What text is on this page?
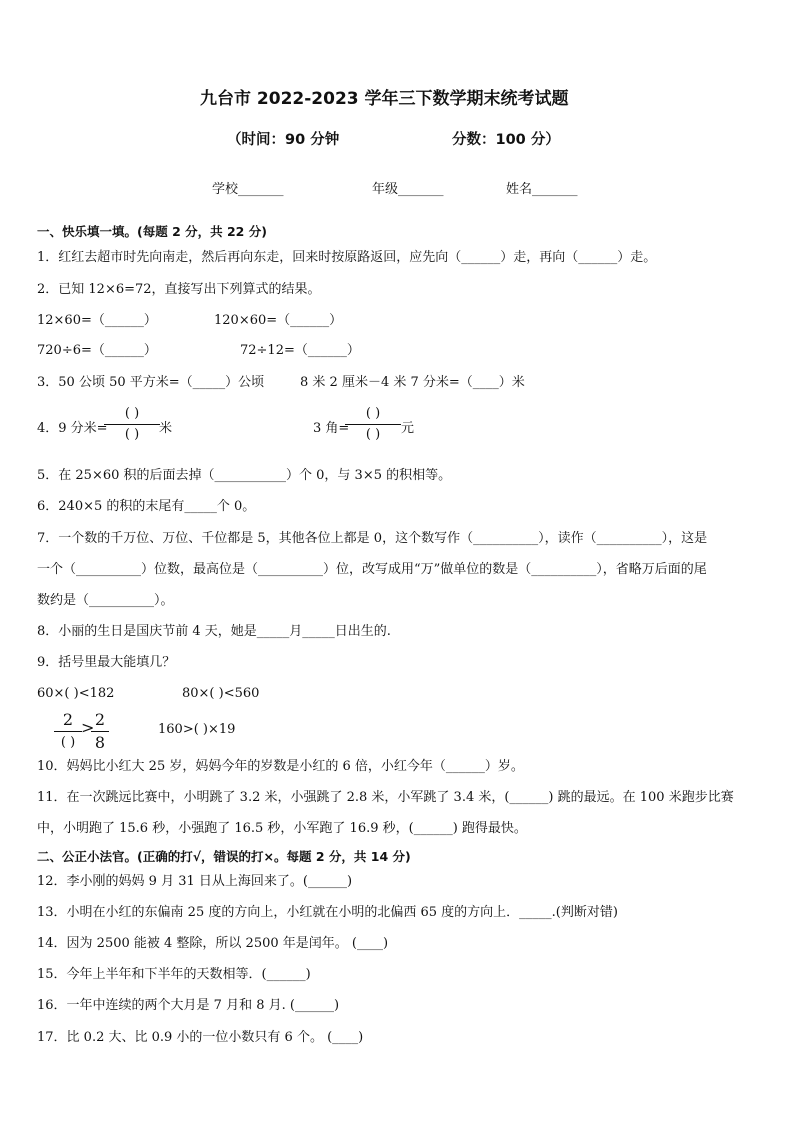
九台市 2022-2023 学年三下数学期末统考试题
（时间：90 分钟	分数：100 分）
学校_______	年级_______	姓名_______
一、快乐填一填。(每题 2 分，共 22 分)
1．红红去超市时先向南走，然后再向东走，回来时按原路返回，应先向（______）走，再向（______）走。
2．已知 12×6=72，直接写出下列算式的结果。
12×60=（______）	120×60=（______）
720÷6=（______）	72÷12=（______）
3．50 公顷 50 平方米=（_____）公顷	8 米 2 厘米－4 米 7 分米=（____）米
4．9 分米=
( )
( )	米	3 角=
( )
( )	元
5．在 25×60 积的后面去掉（___________）个 0，与 3×5 的积相等。
6．240×5 的积的末尾有_____个 0。
7．一个数的千万位、万位、千位都是 5，其他各位上都是 0，这个数写作（__________），读作（__________），这是
一个（__________）位数，最高位是（__________）位，改写成用“万”做单位的数是（__________），省略万后面的尾
数约是（__________）。
8．小丽的生日是国庆节前 4 天，她是_____月_____日出生的.
9．括号里最大能填几？
60×( )<182	80×( )<560
2
( )
> 2
8
160>( )×19
10．妈妈比小红大 25 岁，妈妈今年的岁数是小红的 6 倍，小红今年（______）岁。
11．在一次跳远比赛中，小明跳了 3.2 米，小强跳了 2.8 米，小军跳了 3.4 米，(______) 跳的最远。在 100 米跑步比赛
中，小明跑了 15.6 秒，小强跑了 16.5 秒，小军跑了 16.9 秒，(______) 跑得最快。
二、公正小法官。(正确的打√，错误的打×。每题 2 分，共 14 分)
12．李小刚的妈妈 9 月 31 日从上海回来了。(______)
13．小明在小红的东偏南 25 度的方向上，小红就在小明的北偏西 65 度的方向上．_____.(判断对错)
14．因为 2500 能被 4 整除，所以 2500 年是闰年。 (____)
15．今年上半年和下半年的天数相等．(______)
16．一年中连续的两个大月是 7 月和 8 月. (______)
17．比 0.2 大、比 0.9 小的一位小数只有 6 个。 (____)
